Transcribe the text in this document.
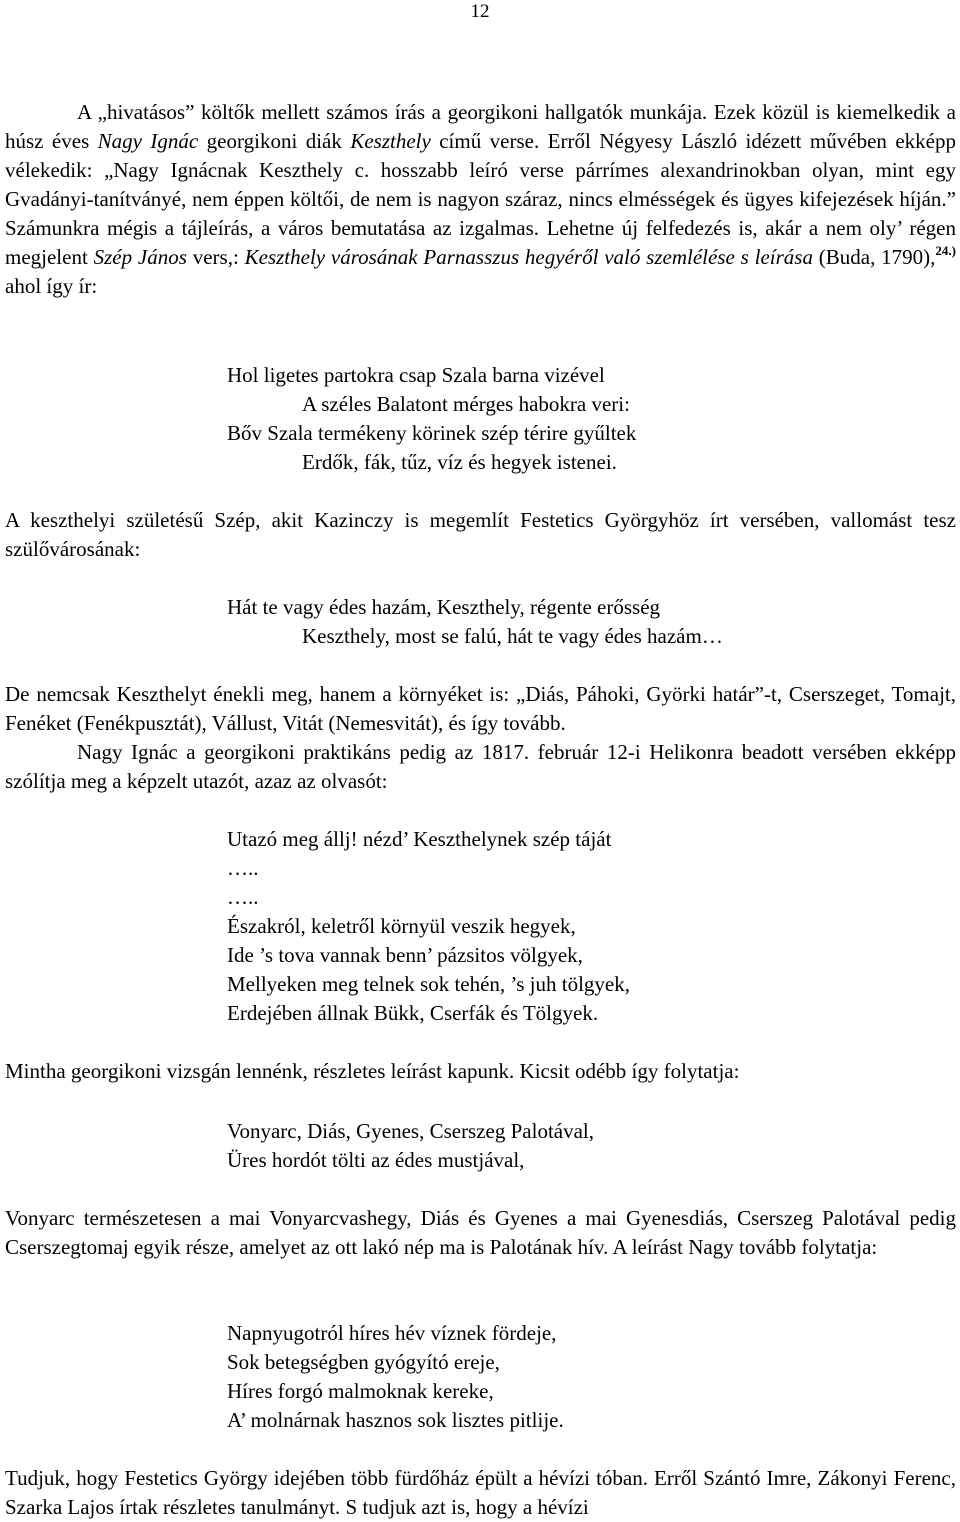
12
A „hivatásos” költők mellett számos írás a georgikoni hallgatók munkája. Ezek közül is kiemelkedik a húsz éves Nagy Ignác georgikoni diák Keszthely című verse. Erről Négyesy László idézett művében ekképp vélekedik: „Nagy Ignácnak Keszthely c. hosszabb leíró verse párrímes alexandrinokban olyan, mint egy Gvadányi-tanítványé, nem éppen költői, de nem is nagyon száraz, nincs elmésségek és ügyes kifejezések híján.” Számunkra mégis a tájleírás, a város bemutatása az izgalmas. Lehetne új felfedezés is, akár a nem oly’ régen megjelent Szép János vers,: Keszthely városának Parnasszus hegyéről való szemlélése s leírása (Buda, 1790),$^{24.)}$ ahol így ír:
Hol ligetes partokra csap Szala barna vizével
A széles Balatont mérges habokra veri:
Bőv Szala termékeny körinek szép térire gyűltek
Erdők, fák, tűz, víz és hegyek istenei.
A keszthelyi születésű Szép, akit Kazinczy is megemlít Festetics Györgyhöz írt versében, vallomást tesz szülővárosának:
Hát te vagy édes hazám, Keszthely, régente erősség
Keszthely, most se falú, hát te vagy édes hazám…
De nemcsak Keszthelyt énekli meg, hanem a környéket is: „Diás, Páhoki, Györki határ”-t, Cserszeget, Tomajt, Fenéket (Fenékpusztát), Vállust, Vitát (Nemesvitát), és így tovább.
Nagy Ignác a georgikoni praktikáns pedig az 1817. február 12-i Helikonra beadott versében ekképp szólítja meg a képzelt utazót, azaz az olvasót:
Utazó meg állj! nézd’ Keszthelynek szép táját
…..
…..
Északról, keletről környül veszik hegyek,
Ide ’s tova vannak benn’ pázsitos völgyek,
Mellyeken meg telnek sok tehén, ’s juh tölgyek,
Erdejében állnak Bükk, Cserfák és Tölgyek.
Mintha georgikoni vizsgán lennénk, részletes leírást kapunk. Kicsit odébb így folytatja:
Vonyarc, Diás, Gyenes, Cserszeg Palotával,
Üres hordót tölti az édes mustjával,
Vonyarc természetesen a mai Vonyarcvashegy, Diás és Gyenes a mai Gyenesdiás, Cserszeg Palotával pedig Cserszegtomaj egyik része, amelyet az ott lakó nép ma is Palotának hív. A leírást Nagy tovább folytatja:
Napnyugotról híres hév víznek fördeje,
Sok betegségben gyógyító ereje,
Híres forgó malmoknak kereke,
A’ molnárnak hasznos sok lisztes pitlije.
Tudjuk, hogy Festetics György idejében több fürdőház épült a hévízi tóban. Erről Szántó Imre, Zákonyi Ferenc, Szarka Lajos írtak részletes tanulmányt. S tudjuk azt is, hogy a hévízi
